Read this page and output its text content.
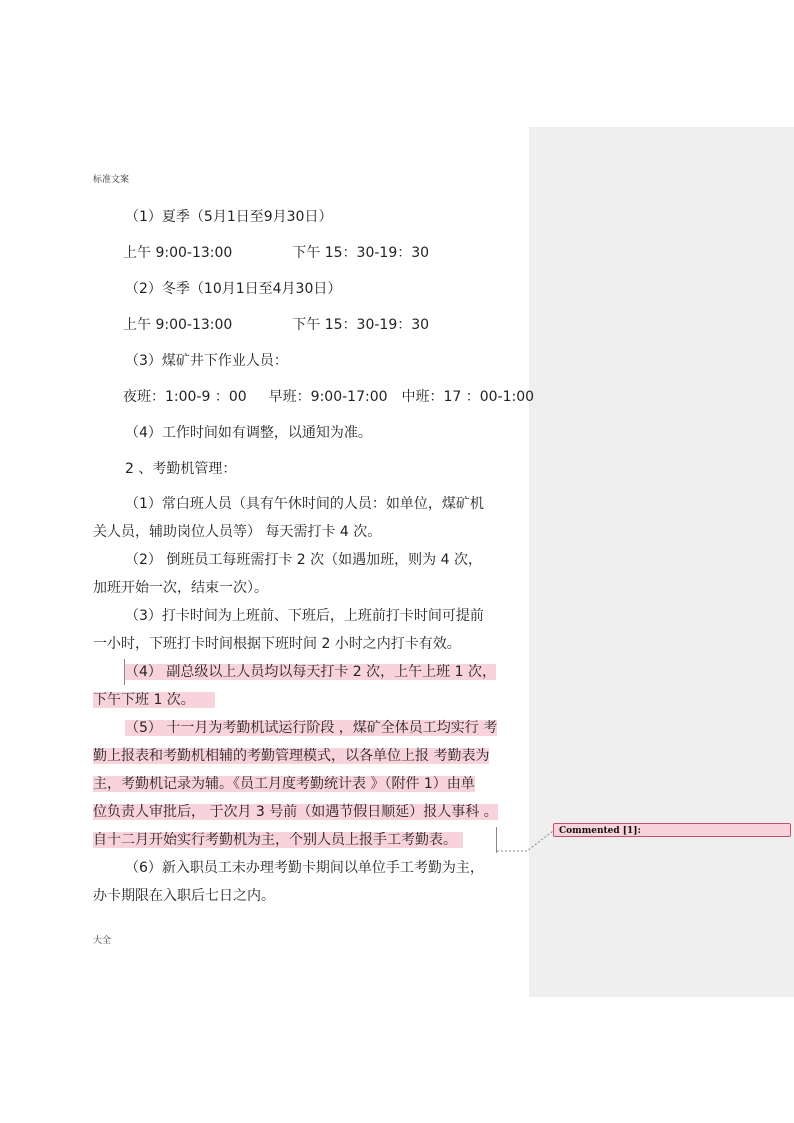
Commented [1]:
标准文案
（1）夏季（5月1日至9月30日）
上午 9:00-13:00	下午 15：30-19：30
（2）冬季（10月1日至4月30日）
上午 9:00-13:00	下午 15：30-19：30
（3）煤矿井下作业人员：
夜班：1:00-9 ：00 早班：9:00-17:00 中班：17 ：00-1:00
（4）工作时间如有调整，以通知为准。
2 、考勤机管理：
（1）常白班人员（具有午休时间的人员：如单位，煤矿机
关人员，辅助岗位人员等） 每天需打卡 4 次。
（2） 倒班员工每班需打卡 2 次（如遇加班，则为 4 次，
加班开始一次，结束一次）。
（3）打卡时间为上班前、下班后，上班前打卡时间可提前
一小时，下班打卡时间根据下班时间 2 小时之内打卡有效。
（4） 副总级以上人员均以每天打卡 2 次，上午上班 1 次，
下午下班 1 次。
（5） 十一月为考勤机试运行阶段 ，煤矿全体员工均实行 考
勤上报表和考勤机相辅的考勤管理模式，以各单位上报 考勤表为
主，考勤机记录为辅。《员工月度考勤统计表 》（附件 1）由单
位负责人审批后， 于次月 3 号前（如遇节假日顺延）报人事科 。
自十二月开始实行考勤机为主，个别人员上报手工考勤表。
（6）新入职员工未办理考勤卡期间以单位手工考勤为主，
办卡期限在入职后七日之内。
大全
